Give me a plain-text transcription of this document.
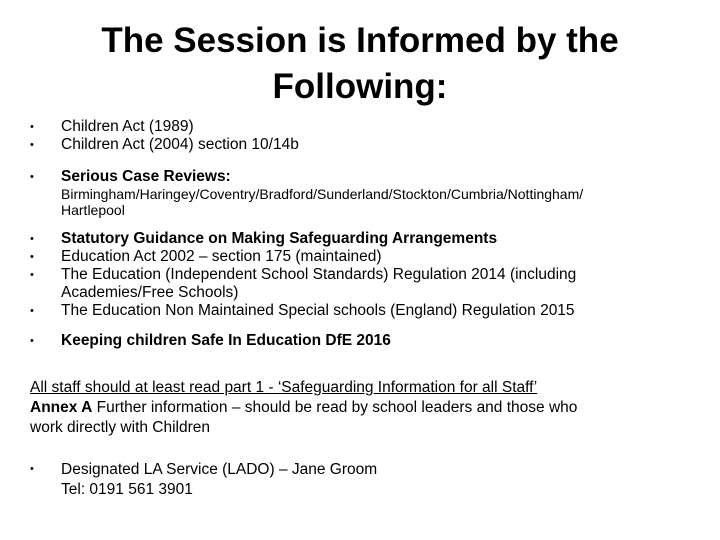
The Session is Informed by the
Following:
•	Children Act (1989)
•	Children Act (2004) section 10/14b
•	Serious Case Reviews:
Birmingham/Haringey/Coventry/Bradford/Sunderland/Stockton/Cumbria/Nottingham/
Hartlepool
•	Statutory Guidance on Making Safeguarding Arrangements
•	Education Act 2002 – section 175 (maintained)
•	The Education (Independent School Standards) Regulation 2014 (including
Academies/Free Schools)
•	The Education Non Maintained Special schools (England) Regulation 2015
•	Keeping children Safe In Education DfE 2016
All staff should at least read part 1 - ‘Safeguarding Information for all Staff’
Annex A Further information – should be read by school leaders and those who
work directly with Children
•	Designated LA Service (LADO) – Jane Groom
Tel: 0191 561 3901
